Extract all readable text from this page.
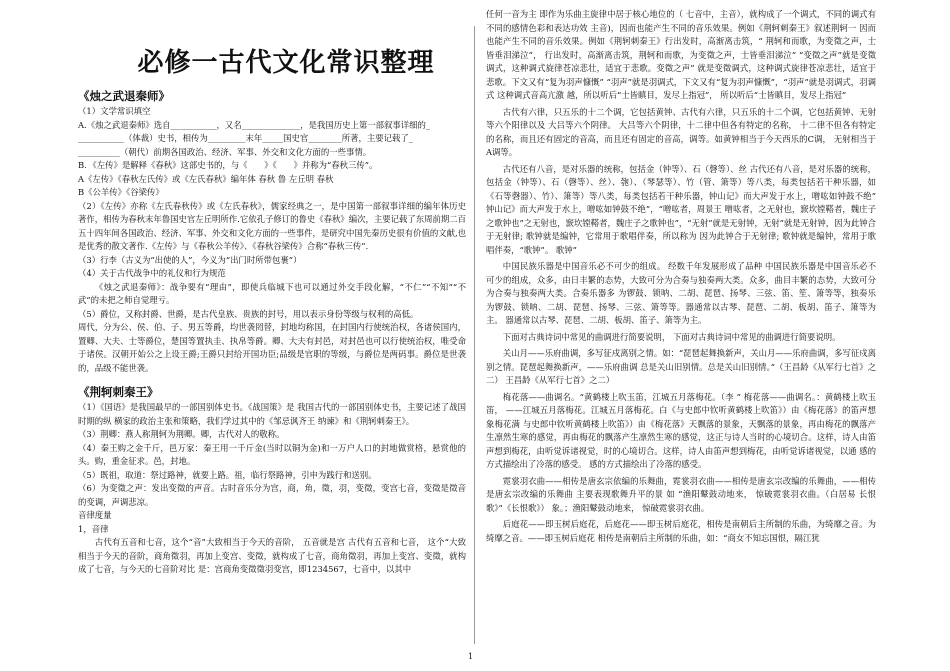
必修一古代文化常识整理
《烛之武退秦师》
（1）文学常识填空
A.《烛之武退秦师》选自___________，又名______________，是我国历史上第一部叙事详细的_
___________（体裁）史书，相传为_________末年_____国史官________所著，主要记载了_
__________（朝代）前期各国政治、经济、军事、外交和文化方面的一些事情。
B．《左传》是解释《春秋》这部史书的，与《　　》《　　》并称为“春秋三传”。
A《左传》《春秋左氏传》或《左氏春秋》编年体 春秋 鲁 左丘明 春秋
B《公羊传》《谷梁传》
（2）《左传》亦称《左氏春秋传》或《左氏春秋》，儒家经典之一，是中国第一部叙事详细的编年体历史著作，相传为春秋末年鲁国史官左丘明所作.它依孔子修订的鲁史《春秋》编次，主要记载了东周前期二百五十四年间各国政治、经济、军事、外交和文化方面的一些事件，是研究中国先秦历史很有价值的文献,也是优秀的散文著作.《左传》与《春秋公羊传》、《春秋谷梁传》合称“春秋三传”．
（3）行李（古义为“出使的人”，今义为“出门时所带包裹”）
（4）关于古代战争中的礼仪和行为规范
《烛之武退秦师》：战争要有“理由”，即使兵临城下也可以通过外交手段化解，“不仁”“不知”“不武”的未把之师自觉理亏。
（5）爵位，又称封爵、世爵，是古代皇族、贵族的封号，用以表示身份等级与权利的高低。
周代，分为公、侯、伯、子、男五等爵，均世袭罔替，封地均称国，在封国内行使统治权，各诸侯国内，置卿、大夫、士等爵位，楚国等置执圭、执帛等爵。卿、大夫有封邑，对封邑也可以行使统治权，唯受命于诸侯。汉朝开始公之上设王爵;王爵只封给开国功臣;品级是官职的等级，与爵位是两码事。爵位是世袭的，品级不能世袭。
《荆轲刺秦王》
（1）《国语》是我国最早的一部国别体史书。《战国策》是 我国古代的一部国别体史书，主要记述了战国时期的纵 横家的政治主张和策略，我们学过其中的《邹忌讽齐王 纳谏》和《荆轲刺秦王》。
（3）荆卿：燕人称荆轲为荆卿。卿，古代对人的敬称。
（4）秦王购之金千斤，邑万家：秦王用一千斤金(当时以铜为金)和一万户人口的封地做赏格，悬赏他的头。购，重金征求。邑，封地。
（5）既祖，取道：祭过路神，就要上路。祖，临行祭路神，引申为践行和送别。
（6）为变徵之声：发出变徵的声音。古时音乐分为宫，商，角，徵，羽，变徵，变宫七音，变徵是徵音的变调，声调悲凉。
音律度量
1，音律
古代有五音和七音，这个“音”大致相当于今天的音阶， 五音就是宫 古代有五音和七音， 这个“大致相当于今天的音阶，商角徵羽，再加上变宫、变徵，就构成了七音，商角徵羽，再加上变宫、变徵，就构成了七音，与今天的七音阶对比 是：宫商角变徵徵羽变宫，即1234567，七音中，以其中
任何一音为主 即作为乐曲主旋律中居于核心地位的（ 七音中，主音），就构成了一个调式，不同的调式有不同的感情色彩和表达功效 主音)，因而也能产生不同的音乐效果。例如《荆轲刺秦王》叙述荆轲一 因而也能产生不同的音乐效果。例如《荆轲刺秦王》行出发时，高渐离击筑，“ 荆轲和而歌，为变徵之声，士皆垂泪涕泣”， 行出发时，高渐离击筑，荆轲和而歌，为变徵之声，士皆垂泪涕泣” “变徵之声”就是变徵调式，这种调式旋律苍凉悲壮，适宜于悲歌。变徵之声” 就是变徵调式，这种调式旋律苍凉悲壮，适宜于悲歌。下文又有“复为羽声慷慨” “羽声”就是羽调式，下文又有“复为羽声慷慨”，“羽声”就是羽调式，羽调式 这种调式音高亢激 越，所以听后“士皆瞋目，发尽上指冠”， 所以听后“士皆瞋目，发尽上指冠”
古代有六律，只五乐的十二个调，它包括黄钟、古代有六律，只五乐的十二个调，它包括黄钟、无射等六个阳律以及 大吕等六个阴律。 大吕等六个阴律，十二律中但各有特定的名称， 十二律不但各有特定的名称，而且还有固定的音高，而且还有固定的音高，调等。如黄钟相当于今天西乐的C调， 无射相当于A调等。
古代还有八音，是对乐器的统称，包括金（钟等）、石（磬等）、丝 古代还有八音，是对乐器的统称，包括金（钟等）、石（磬等）、丝）、匏）、（琴瑟等）、竹（管、箫等）等八类，每类包括若干种乐器，如《石等磬器）、竹）、箫等）等八类，每类包括若干种乐器，钟山记》而大声发于水上，噌吰如钟鼓不绝” 钟山记》而大声发于水上，噌吰如钟鼓不绝”，“噌吰者，周景王 噌吰者，之无射也，窾坎镗鞳者，魏庄子之歌钟也”之无射也，窾坎镗鞳者，魏庄子之歌钟也”，“无射”就是无射钟，无射”就是无射钟，因为此钟合于无射律; 歌钟就是编钟，它常用于歌唱伴奏，所以称为 因为此钟合于无射律; 歌钟就是编钟，常用于歌唱伴奏，“歌钟”。 歌钟”
中国民族乐器是中国音乐必不可少的组成。 经数千年发展形成了品种 中国民族乐器是中国音乐必不可少的组成，众多，由日丰繁的态势，大致可分为合奏与独奏两大类。众多，曲目丰繁的态势，大致可分为合奏与独奏两大类。合奏乐器多 为锣鼓、锁呐、二胡、琵琶、扬琴、三弦、笛、笙、箫等等，独奏乐 为锣鼓、锁呐、二胡、琵琶、扬琴、三弦、箫等等。器通常以古琴、琵琶、二胡、板胡、笛子、箫等为主。 器通常以古琴、琵琶、二胡、板胡、笛子、箫等为主。
下面对古典诗词中常见的曲调进行简要说明， 下面对古典诗词中常见的曲调进行简要说明。
关山月——乐府曲调，多写征戍离别之情。如：“琵琶起舞换新声，关山月——乐府曲调，多写征戍离别之情。琵琶起舞换新声，——乐府曲调 总是关山旧别情。总是关山旧别情。”（王昌龄《从军行七首》之二） 王昌龄《从军行七首》之二）
梅花落——曲调名。“黄鹤楼上吹玉笛，江城五月落梅花。（李 ” 梅花落——曲调名。：黄鹤楼上吹玉笛， ——江城五月落梅花。江城五月落梅花。白《与史郎中钦听黄鹤楼上吹笛》）由《梅花落》的笛声想象梅花满 与史郎中钦听黄鹤楼上吹笛》）由《梅花落》天飘落的景象，天飘落的景象，再由梅花的飘落产生凛然生寒的感觉，再由梅花的飘落产生凛然生寒的感觉，这正与诗人当时的心境切合。这样，诗人由笛声想到梅花，由听觉诉诸视觉，时的心境切合。这样，诗人由笛声想到梅花，由听觉诉诸视觉，以通 感的方式描绘出了冷落的感受。 感的方式描绘出了冷落的感受。
霓裳羽衣曲——相传是唐玄宗依编的乐舞曲，霓裳羽衣曲——相传是唐玄宗改编的乐舞曲，——相传是唐玄宗改编的乐舞曲 主要表现歌舞升平的景 如 “渔阳鼙鼓动地来， 惊破霓裳羽衣曲。（白居易 长恨歌》”《长恨歌》） 象。；渔阳鼙鼓动地来， 惊破霓裳羽衣曲。
后庭花——即玉树后庭花，后庭花——即玉树后庭花，相传是南朝后主所制的乐曲，为绮靡之音。为绮靡之音。——即玉树后庭花 相传是南朝后主所制的乐曲，如：“商女不知忘国恨，隔江犹
1
